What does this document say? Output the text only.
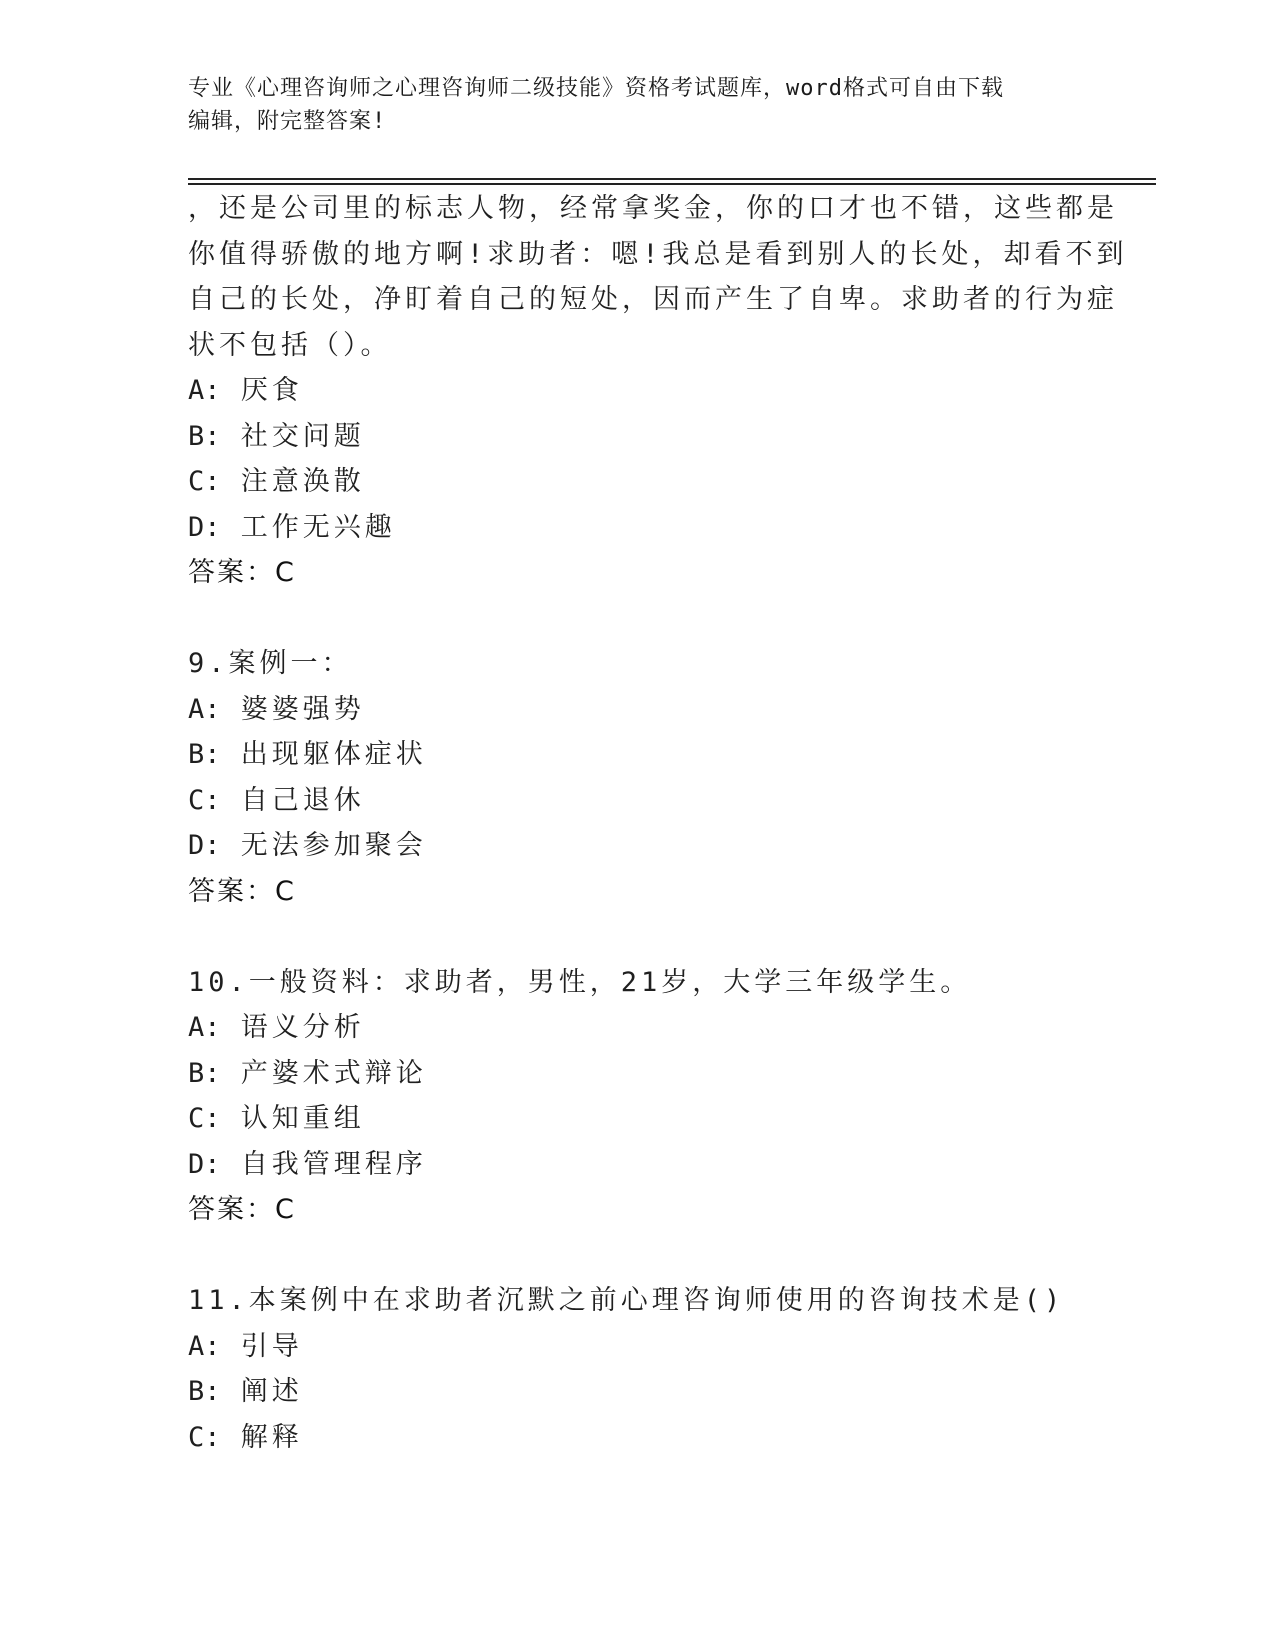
专业《心理咨询师之心理咨询师二级技能》资格考试题库，word格式可自由下载
编辑，附完整答案!
，还是公司里的标志人物，经常拿奖金，你的口才也不错，这些都是
你值得骄傲的地方啊!求助者：嗯!我总是看到别人的长处，却看不到
自己的长处，净盯着自己的短处，因而产生了自卑。求助者的行为症
状不包括（）。
A: 厌食
B: 社交问题
C: 注意涣散
D: 工作无兴趣
答案：C
9.案例一：
A: 婆婆强势
B: 出现躯体症状
C: 自己退休
D: 无法参加聚会
答案：C
10.一般资料：求助者，男性，21岁，大学三年级学生。
A: 语义分析
B: 产婆术式辩论
C: 认知重组
D: 自我管理程序
答案：C
11.本案例中在求助者沉默之前心理咨询师使用的咨询技术是()
A: 引导
B: 阐述
C: 解释
